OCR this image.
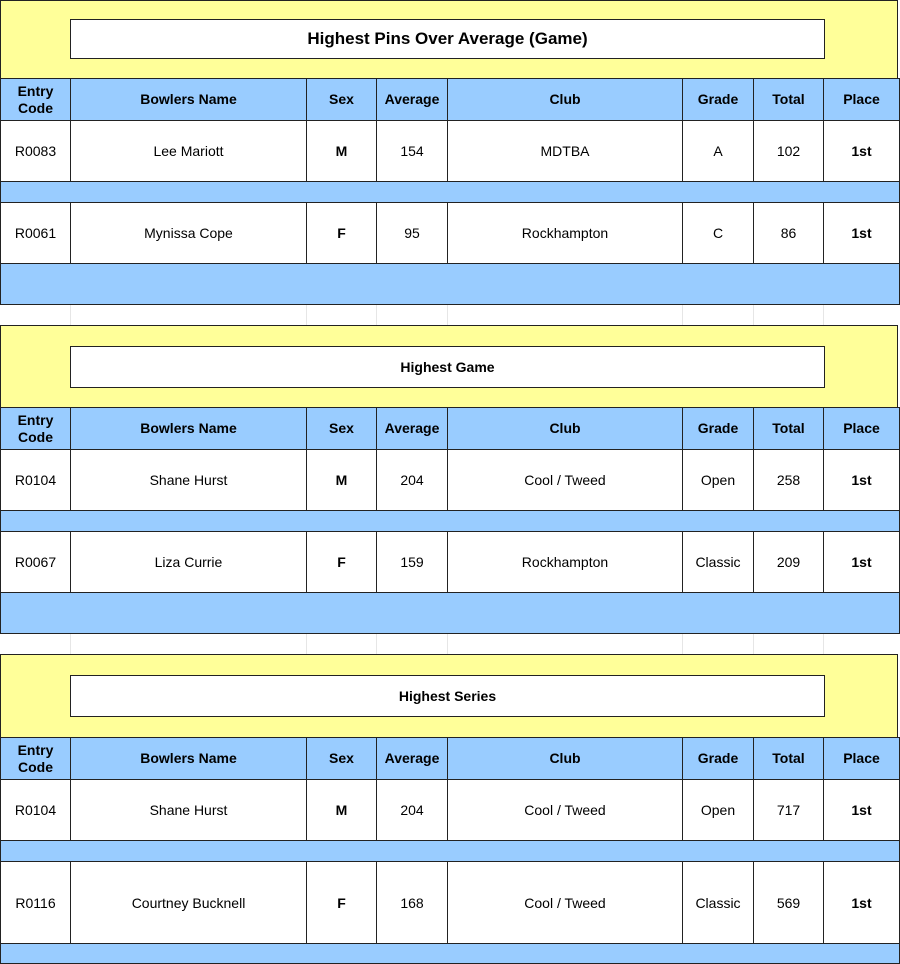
Highest Pins Over Average (Game)
Entry Code	Bowlers Name	Sex	Average	Club	Grade	Total	Place
R0083	Lee Mariott	M	154	MDTBA	A	102	1st

R0061	Mynissa Cope	F	95	Rockhampton	C	86	1st

Highest Game
Entry Code	Bowlers Name	Sex	Average	Club	Grade	Total	Place
R0104	Shane Hurst	M	204	Cool / Tweed	Open	258	1st

R0067	Liza Currie	F	159	Rockhampton	Classic	209	1st

Highest Series
Entry Code	Bowlers Name	Sex	Average	Club	Grade	Total	Place
R0104	Shane Hurst	M	204	Cool / Tweed	Open	717	1st

R0116	Courtney Bucknell	F	168	Cool / Tweed	Classic	569	1st
